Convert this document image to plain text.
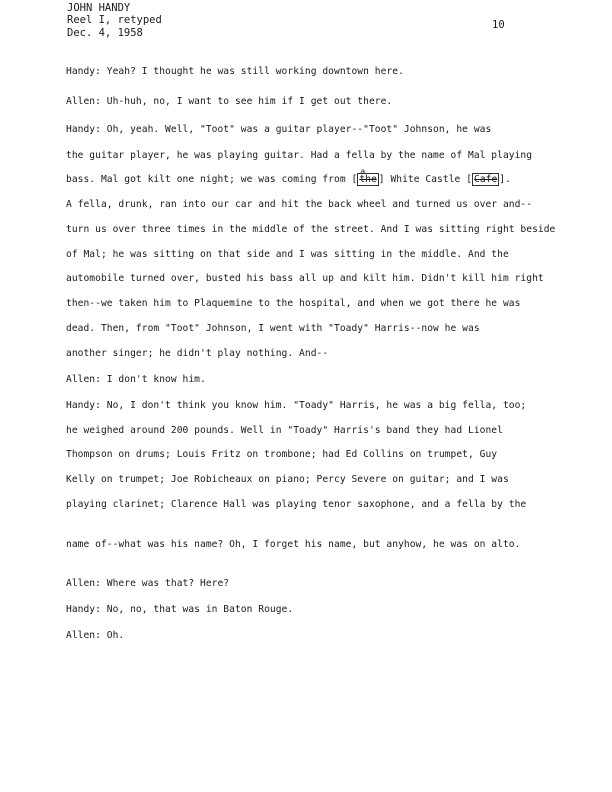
JOHN HANDY
Reel I, retyped
Dec. 4, 1958
10
Handy: Yeah? I thought he was still working downtown here.
Allen: Uh-huh, no, I want to see him if I get out there.
Handy: Oh, yeah. Well, "Toot" was a guitar player--"Toot" Johnson, he was
the guitar player, he was playing guitar. Had a fella by the name of Mal playing
bass. Mal got kilt one night; we was coming from [ the
a
] White Castle [ Cafe ].
A fella, drunk, ran into our car and hit the back wheel and turned us over and--
turn us over three times in the middle of the street. And I was sitting right beside
of Mal; he was sitting on that side and I was sitting in the middle. And the
automobile turned over, busted his bass all up and kilt him. Didn't kill him right
then--we taken him to Plaquemine to the hospital, and when we got there he was
dead. Then, from "Toot" Johnson, I went with "Toady" Harris--now he was
another singer; he didn't play nothing. And--
Allen: I don't know him.
Handy: No, I don't think you know him. "Toady" Harris, he was a big fella, too;
he weighed around 200 pounds. Well in "Toady" Harris's band they had Lionel
Thompson on drums; Louis Fritz on trombone; had Ed Collins on trumpet, Guy
Kelly on trumpet; Joe Robicheaux on piano; Percy Severe on guitar; and I was
playing clarinet; Clarence Hall was playing tenor saxophone, and a fella by the
name of--what was his name? Oh, I forget his name, but anyhow, he was on alto.
Allen: Where was that? Here?
Handy: No, no, that was in Baton Rouge.
Allen: Oh.
